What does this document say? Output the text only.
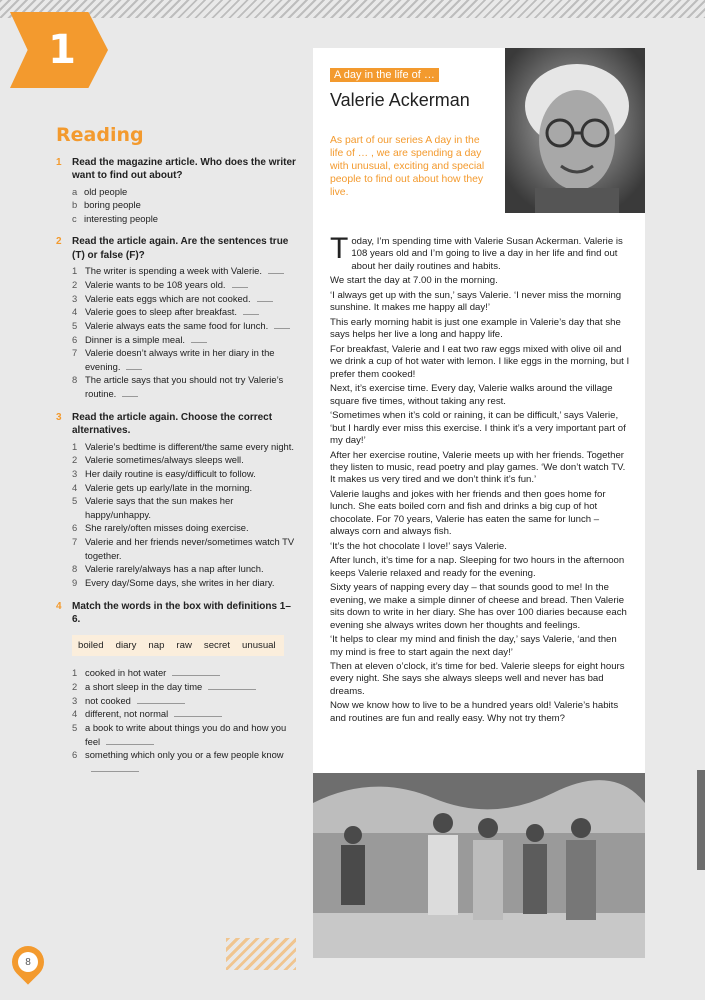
1
Reading
1	Read the magazine article. Who does the writer want to find out about?
a old people
b boring people
c interesting people
2	Read the article again. Are the sentences true (T) or false (F)?
1 The writer is spending a week with Valerie.
2 Valerie wants to be 108 years old.
3 Valerie eats eggs which are not cooked.
4 Valerie goes to sleep after breakfast.
5 Valerie always eats the same food for lunch.
6 Dinner is a simple meal.
7 Valerie doesn’t always write in her diary in the evening.
8 The article says that you should not try Valerie’s routine.
3	Read the article again. Choose the correct alternatives.
1 Valerie’s bedtime is different/the same every night.
2 Valerie sometimes/always sleeps well.
3 Her daily routine is easy/difficult to follow.
4 Valerie gets up early/late in the morning.
5 Valerie says that the sun makes her happy/unhappy.
6 She rarely/often misses doing exercise.
7 Valerie and her friends never/sometimes watch TV together.
8 Valerie rarely/always has a nap after lunch.
9 Every day/Some days, she writes in her diary.
4	Match the words in the box with definitions 1–6.
boiled diary nap raw secret unusual
1 cooked in hot water
2 a short sleep in the day time
3 not cooked
4 different, not normal
5 a book to write about things you do and how you feel
6 something which only you or a few people know
A day in the life of …
Valerie Ackerman
As part of our series A day in the life of … , we are spending a day with unusual, exciting and special people to find out about how they live.

Today, I’m spending time with Valerie Susan Ackerman. Valerie is 108 years old and I’m going to live a day in her life and find out about her daily routines and habits.

We start the day at 7.00 in the morning.

‘I always get up with the sun,’ says Valerie. ‘I never miss the morning sunshine. It makes me happy all day!’

This early morning habit is just one example in Valerie’s day that she says helps her live a long and happy life.

For breakfast, Valerie and I eat two raw eggs mixed with olive oil and we drink a cup of hot water with lemon. I like eggs in the morning, but I prefer them cooked!

Next, it’s exercise time. Every day, Valerie walks around the village square five times, without taking any rest.

‘Sometimes when it’s cold or raining, it can be difficult,’ says Valerie, ‘but I hardly ever miss this exercise. I think it’s a very important part of my day!’

After her exercise routine, Valerie meets up with her friends. Together they listen to music, read poetry and play games. ‘We don’t watch TV. It makes us very tired and we don’t think it’s fun.’

Valerie laughs and jokes with her friends and then goes home for lunch. She eats boiled corn and fish and drinks a big cup of hot chocolate. For 70 years, Valerie has eaten the same for lunch – always corn and always fish.

‘It’s the hot chocolate I love!’ says Valerie.

After lunch, it’s time for a nap. Sleeping for two hours in the afternoon keeps Valerie relaxed and ready for the evening.

Sixty years of napping every day – that sounds good to me! In the evening, we make a simple dinner of cheese and bread. Then Valerie sits down to write in her diary. She has over 100 diaries because each evening she always writes down her thoughts and feelings.

‘It helps to clear my mind and finish the day,’ says Valerie, ‘and then my mind is free to start again the next day!’

Then at eleven o’clock, it’s time for bed. Valerie sleeps for eight hours every night. She says she always sleeps well and never has bad dreams.

Now we know how to live to be a hundred years old! Valerie’s habits and routines are fun and really easy. Why not try them?

8
